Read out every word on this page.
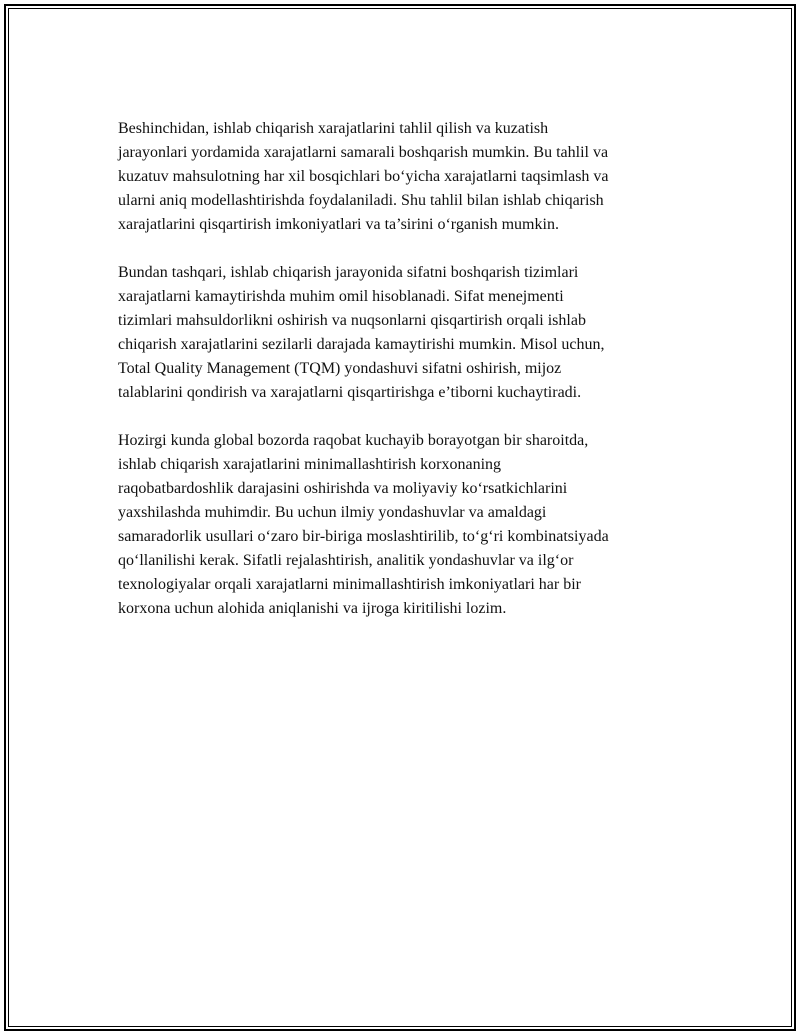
Beshinchidan, ishlab chiqarish xarajatlarini tahlil qilish va kuzatish
jarayonlari yordamida xarajatlarni samarali boshqarish mumkin. Bu tahlil va
kuzatuv mahsulotning har xil bosqichlari bo‘yicha xarajatlarni taqsimlash va
ularni aniq modellashtirishda foydalaniladi. Shu tahlil bilan ishlab chiqarish
xarajatlarini qisqartirish imkoniyatlari va ta’sirini o‘rganish mumkin.

Bundan tashqari, ishlab chiqarish jarayonida sifatni boshqarish tizimlari
xarajatlarni kamaytirishda muhim omil hisoblanadi. Sifat menejmenti
tizimlari mahsuldorlikni oshirish va nuqsonlarni qisqartirish orqali ishlab
chiqarish xarajatlarini sezilarli darajada kamaytirishi mumkin. Misol uchun,
Total Quality Management (TQM) yondashuvi sifatni oshirish, mijoz
talablarini qondirish va xarajatlarni qisqartirishga e’tiborni kuchaytiradi.

Hozirgi kunda global bozorda raqobat kuchayib borayotgan bir sharoitda,
ishlab chiqarish xarajatlarini minimallashtirish korxonaning
raqobatbardoshlik darajasini oshirishda va moliyaviy ko‘rsatkichlarini
yaxshilashda muhimdir. Bu uchun ilmiy yondashuvlar va amaldagi
samaradorlik usullari o‘zaro bir-biriga moslashtirilib, to‘g‘ri kombinatsiyada
qo‘llanilishi kerak. Sifatli rejalashtirish, analitik yondashuvlar va ilg‘or
texnologiyalar orqali xarajatlarni minimallashtirish imkoniyatlari har bir
korxona uchun alohida aniqlanishi va ijroga kiritilishi lozim.
